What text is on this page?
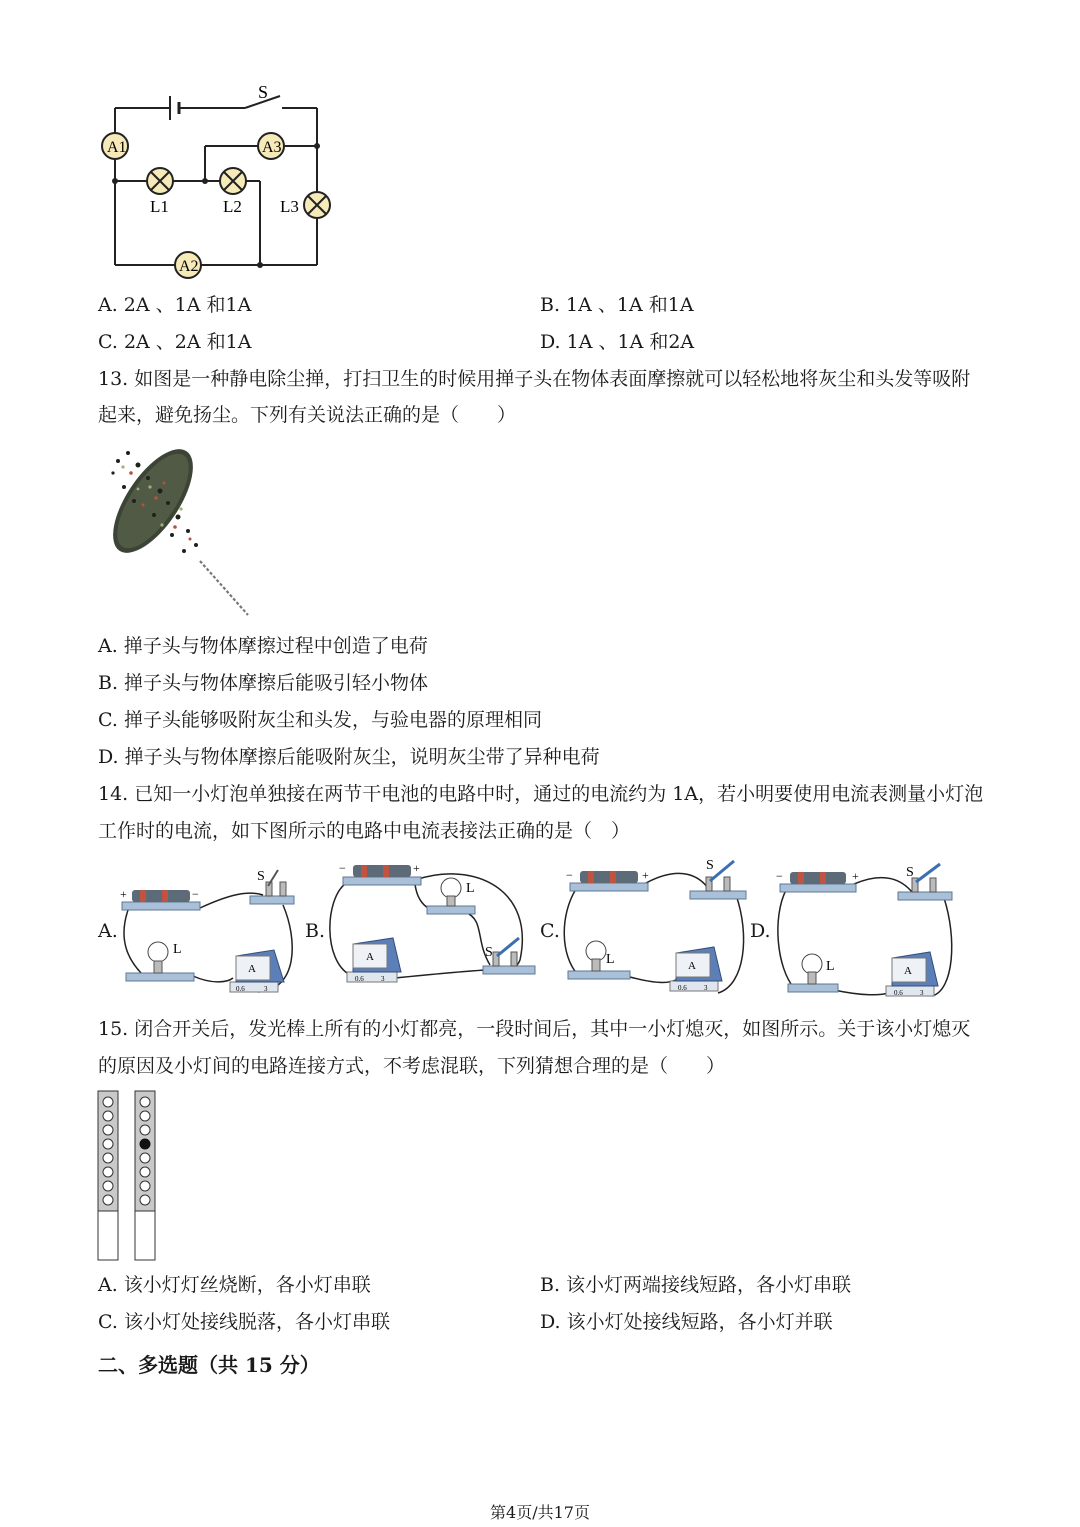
A1	A3
A2
L1	L2 L3
S
A. 2A 、1A 和1A	B. 1A 、1A 和1A
C. 2A 、2A 和1A	D. 1A 、1A 和2A
13. 如图是一种静电除尘掸，打扫卫生的时候用掸子头在物体表面摩擦就可以轻松地将灰尘和头发等吸附
起来，避免扬尘。下列有关说法正确的是（　　）
A. 掸子头与物体摩擦过程中创造了电荷
B. 掸子头与物体摩擦后能吸引轻小物体
C. 掸子头能够吸附灰尘和头发，与验电器的原理相同
D. 掸子头与物体摩擦后能吸附灰尘，说明灰尘带了异种电荷
14. 已知一小灯泡单独接在两节干电池的电路中时，通过的电流约为 1A，若小明要使用电流表测量小灯泡
工作时的电流，如下图所示的电路中电流表接法正确的是（　）
A.
+	−
S
L
A
0.6	3
B.
−	+
L
A
0.6 3
S
C.
−	+
S
L	A
0.6 3
D.
−	+	S
L	A
0.6 3
15. 闭合开关后，发光棒上所有的小灯都亮，一段时间后，其中一小灯熄灭，如图所示。关于该小灯熄灭
的原因及小灯间的电路连接方式，不考虑混联，下列猜想合理的是（　　）
A. 该小灯灯丝烧断，各小灯串联	B. 该小灯两端接线短路，各小灯串联
C. 该小灯处接线脱落，各小灯串联	D. 该小灯处接线短路，各小灯并联
二、多选题（共 15 分）
第4页/共17页
